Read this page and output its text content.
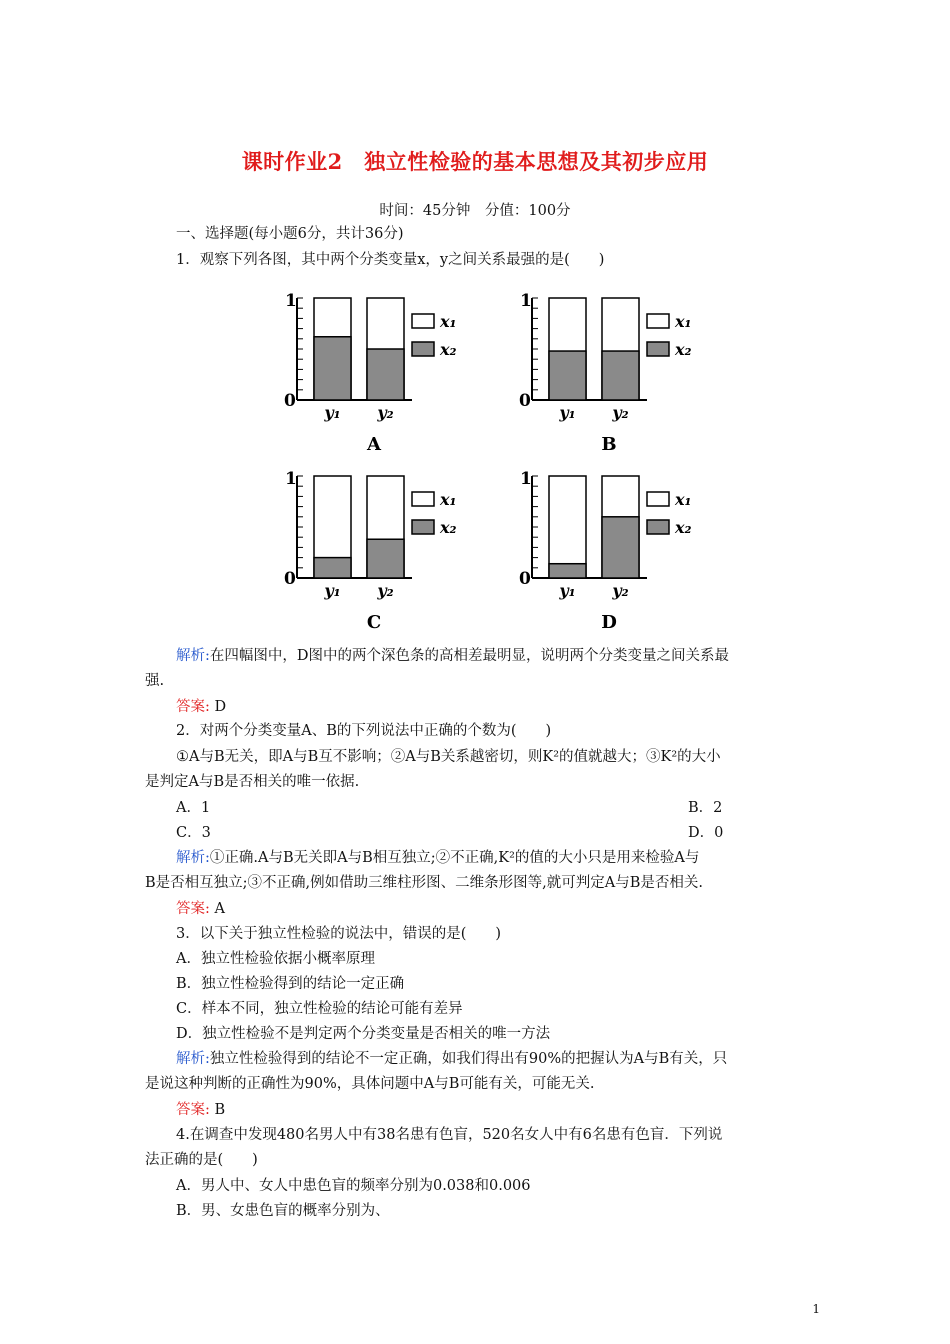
课时作业2　独立性检验的基本思想及其初步应用
时间：45分钟　分值：100分
一、选择题(每小题6分，共计36分)
1．观察下列各图，其中两个分类变量x，y之间关系最强的是(　　)
1
0
y₁ y₂
x₁
x₂
A
1
0
y₁ y₂
x₁
x₂
B
1
0
y₁ y₂
x₁
x₂
C
1
0
y₁ y₂
x₁
x₂
D
解析:在四幅图中，D图中的两个深色条的高相差最明显，说明两个分类变量之间关系最
强.
答案: D
2．对两个分类变量A、B的下列说法中正确的个数为(　　)
①A与B无关，即A与B互不影响；②A与B关系越密切，则K²的值就越大；③K²的大小
是判定A与B是否相关的唯一依据.
A．1	B．2
C．3	D．0
解析:①正确.A与B无关即A与B相互独立;②不正确,K²的值的大小只是用来检验A与
B是否相互独立;③不正确,例如借助三维柱形图、二维条形图等,就可判定A与B是否相关.
答案: A
3．以下关于独立性检验的说法中，错误的是(　　)
A．独立性检验依据小概率原理
B．独立性检验得到的结论一定正确
C．样本不同，独立性检验的结论可能有差异
D．独立性检验不是判定两个分类变量是否相关的唯一方法
解析:独立性检验得到的结论不一定正确，如我们得出有90%的把握认为A与B有关，只
是说这种判断的正确性为90%，具体问题中A与B可能有关，可能无关.
答案: B
4.在调查中发现480名男人中有38名患有色盲，520名女人中有6名患有色盲．下列说
法正确的是(　　)
A．男人中、女人中患色盲的频率分别为0.038和0.006
B．男、女患色盲的概率分别为、
1
